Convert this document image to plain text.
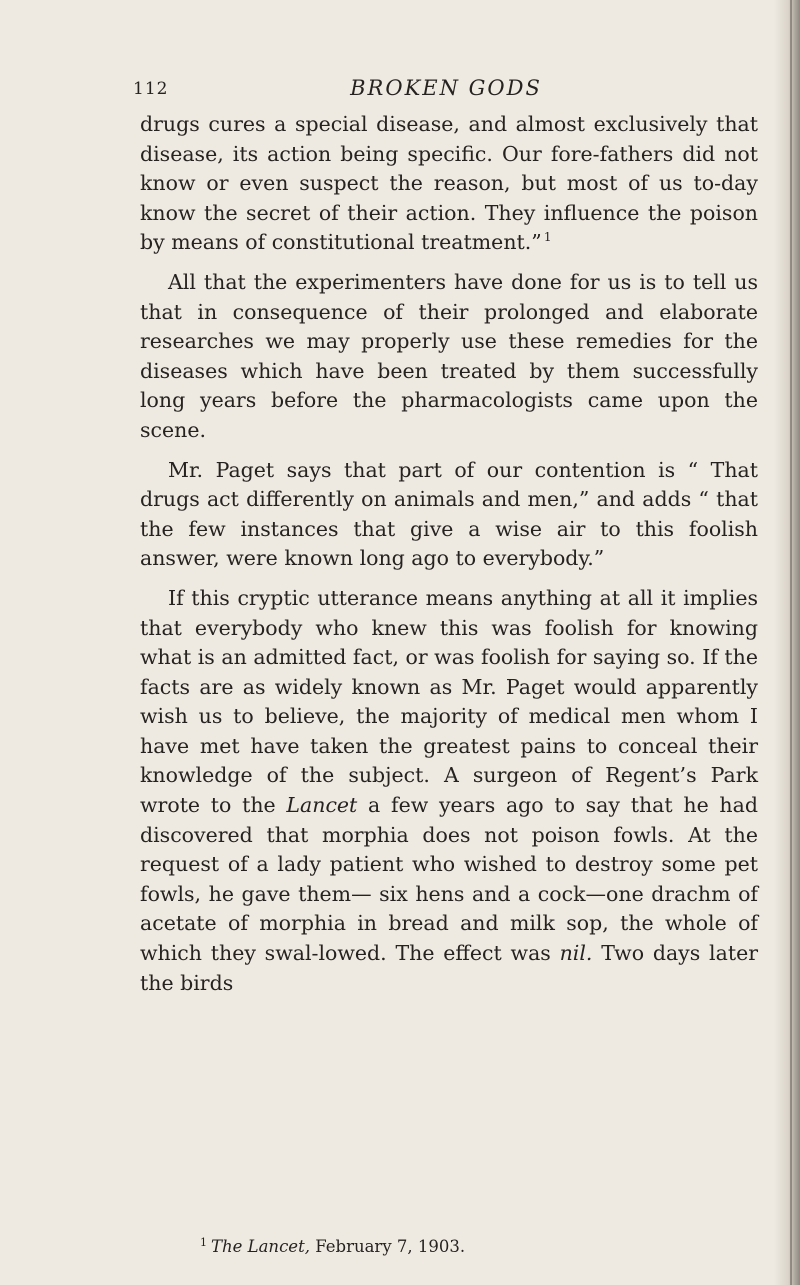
112	BROKEN GODS

drugs cures a special disease, and almost exclusively that disease, its action being specific. Our fore-fathers did not know or even suspect the reason, but most of us to-day know the secret of their action. They influence the poison by means of constitutional treatment.”  $^1$

All that the experimenters have done for us is to tell us that in consequence of their prolonged and elaborate researches we may properly use these remedies for the diseases which have been treated by them successfully long years before the pharmacologists came upon the scene.

Mr. Paget says that part of our contention is “ That drugs act differently on animals and men,” and adds “ that the few instances that give a wise air to this foolish answer, were known long ago to everybody.”

If this cryptic utterance means anything at all it implies that everybody who knew this was foolish for knowing what is an admitted fact, or was foolish for saying so. If the facts are as widely known as Mr. Paget would apparently wish us to believe, the majority of medical men whom I have met have taken the greatest pains to conceal their knowledge of the subject. A surgeon of Regent’s Park wrote to the Lancet a few years ago to say that he had discovered that morphia does not poison fowls. At the request of a lady patient who wished to destroy some pet fowls, he gave them— six hens and a cock—one drachm of acetate of morphia in bread and milk sop, the whole of which they swal-lowed. The effect was nil. Two days later the birds

$^1$ The Lancet, February 7, 1903.
